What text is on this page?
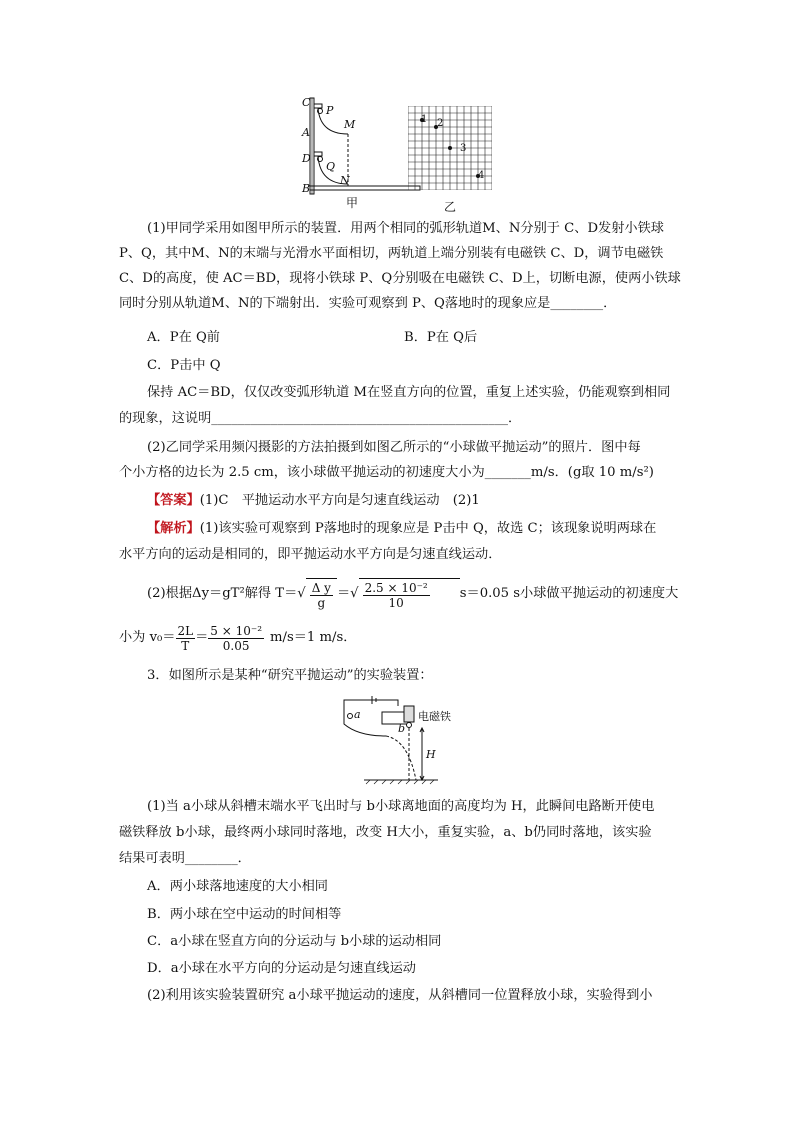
C
P
A
M
D
Q
B
N
1 2
3
4
甲	乙
(1)甲同学采用如图甲所示的装置．用两个相同的弧形轨道M、N分别于 C、D发射小铁球
P、Q，其中M、N的末端与光滑水平面相切，两轨道上端分别装有电磁铁 C、D，调节电磁铁
C、D的高度，使 AC＝BD，现将小铁球 P、Q分别吸在电磁铁 C、D上，切断电源，使两小铁球
同时分别从轨道M、N的下端射出．实验可观察到 P、Q落地时的现象应是________．
A．P在 Q前	B．P在 Q后
C．P击中 Q
保持 AC＝BD，仅仅改变弧形轨道 M在竖直方向的位置，重复上述实验，仍能观察到相同
的现象，这说明_____________________________________________．
(2)乙同学采用频闪摄影的方法拍摄到如图乙所示的“小球做平抛运动”的照片．图中每
个小方格的边长为 2.5 cm，该小球做平抛运动的初速度大小为_______m/s．(g取 10 m/s²)
【答案】(1)C　平抛运动水平方向是匀速直线运动　(2)1
【解析】(1)该实验可观察到 P落地时的现象应是 P击中 Q，故选 C；该现象说明两球在
水平方向的运动是相同的，即平抛运动水平方向是匀速直线运动．
(2)根据Δy＝gT²解得 T＝ √ $\frac{\text{Δ y}}{g}$ ＝ √ $\frac{\text{2.5 × 10⁻²}}{10} s=0.05$ s小球做平抛运动的初速度大
小为 $v_0= \frac{2L}{T} = \frac{\text{5 × 10⁻²}}{0.05} m/s=1$ m/s．
3．如图所示是某种“研究平抛运动”的实验装置：
a
b
电磁铁
H
(1)当 a小球从斜槽末端水平飞出时与 b小球离地面的高度均为 H，此瞬间电路断开使电
磁铁释放 b小球，最终两小球同时落地，改变 H大小，重复实验，a、b仍同时落地，该实验
结果可表明________．
A．两小球落地速度的大小相同
B．两小球在空中运动的时间相等
C．a小球在竖直方向的分运动与 b小球的运动相同
D．a小球在水平方向的分运动是匀速直线运动
(2)利用该实验装置研究 a小球平抛运动的速度，从斜槽同一位置释放小球，实验得到小
